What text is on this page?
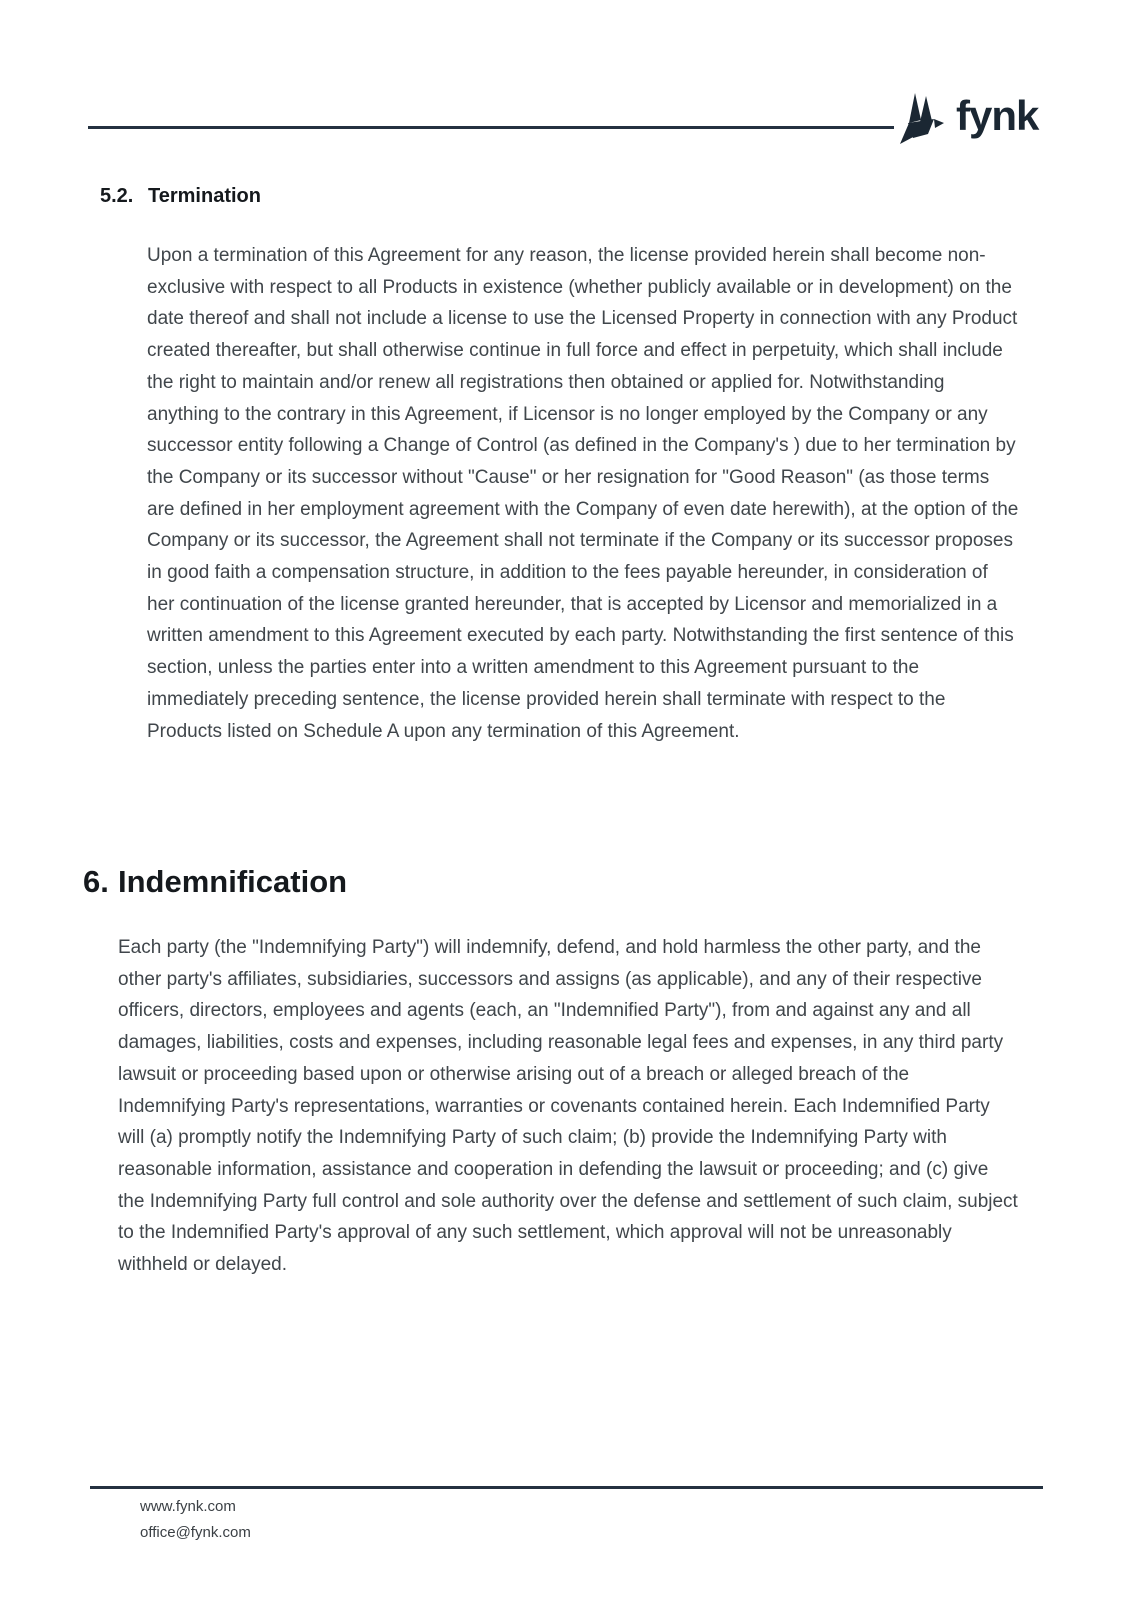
fynk
5.2. Termination
Upon a termination of this Agreement for any reason, the license provided herein shall become non-exclusive with respect to all Products in existence (whether publicly available or in development) on the date thereof and shall not include a license to use the Licensed Property in connection with any Product created thereafter, but shall otherwise continue in full force and effect in perpetuity, which shall include the right to maintain and/or renew all registrations then obtained or applied for. Notwithstanding anything to the contrary in this Agreement, if Licensor is no longer employed by the Company or any successor entity following a Change of Control (as defined in the Company's ) due to her termination by the Company or its successor without "Cause" or her resignation for "Good Reason" (as those terms are defined in her employment agreement with the Company of even date herewith), at the option of the Company or its successor, the Agreement shall not terminate if the Company or its successor proposes in good faith a compensation structure, in addition to the fees payable hereunder, in consideration of her continuation of the license granted hereunder, that is accepted by Licensor and memorialized in a written amendment to this Agreement executed by each party. Notwithstanding the first sentence of this section, unless the parties enter into a written amendment to this Agreement pursuant to the immediately preceding sentence, the license provided herein shall terminate with respect to the Products listed on Schedule A upon any termination of this Agreement.
6. Indemnification
Each party (the "Indemnifying Party") will indemnify, defend, and hold harmless the other party, and the other party's affiliates, subsidiaries, successors and assigns (as applicable), and any of their respective officers, directors, employees and agents (each, an "Indemnified Party"), from and against any and all damages, liabilities, costs and expenses, including reasonable legal fees and expenses, in any third party lawsuit or proceeding based upon or otherwise arising out of a breach or alleged breach of the Indemnifying Party's representations, warranties or covenants contained herein. Each Indemnified Party will (a) promptly notify the Indemnifying Party of such claim; (b) provide the Indemnifying Party with reasonable information, assistance and cooperation in defending the lawsuit or proceeding; and (c) give the Indemnifying Party full control and sole authority over the defense and settlement of such claim, subject to the Indemnified Party's approval of any such settlement, which approval will not be unreasonably withheld or delayed.
www.fynk.com
office@fynk.com
